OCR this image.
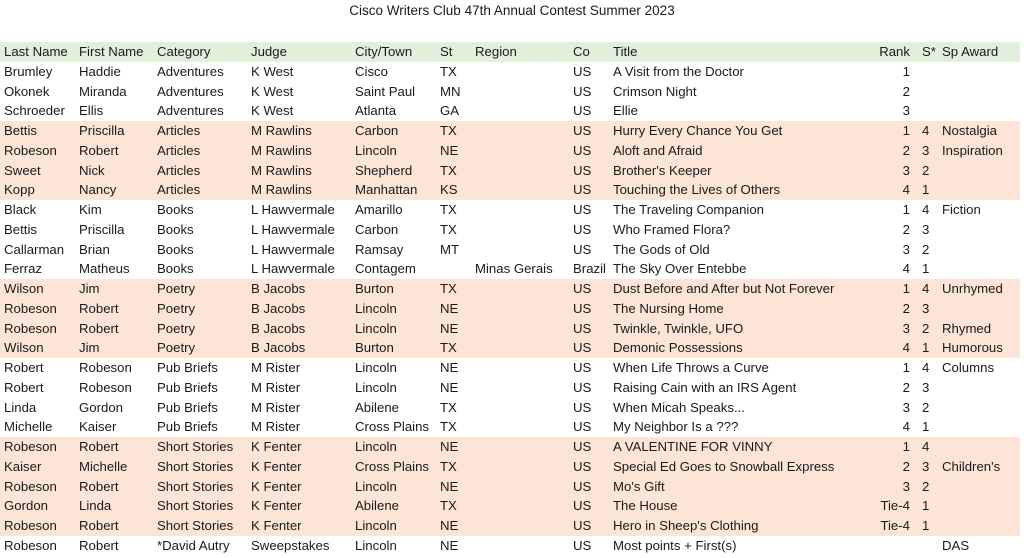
Cisco Writers Club 47th Annual Contest Summer 2023
Last Name	First Name	Category	Judge	City/Town	St	Region	Co	Title	Rank	S*	Sp Award
Brumley	Haddie	Adventures	K West	Cisco	TX		US	A Visit from the Doctor	1		
Okonek	Miranda	Adventures	K West	Saint Paul	MN		US	Crimson Night	2		
Schroeder	Ellis	Adventures	K West	Atlanta	GA		US	Ellie	3		
Bettis	Priscilla	Articles	M Rawlins	Carbon	TX		US	Hurry Every Chance You Get	1	4	Nostalgia
Robeson	Robert	Articles	M Rawlins	Lincoln	NE		US	Aloft and Afraid	2	3	Inspiration
Sweet	Nick	Articles	M Rawlins	Shepherd	TX		US	Brother's Keeper	3	2	
Kopp	Nancy	Articles	M Rawlins	Manhattan	KS		US	Touching the Lives of Others	4	1	
Black	Kim	Books	L Hawvermale	Amarillo	TX		US	The Traveling Companion	1	4	Fiction
Bettis	Priscilla	Books	L Hawvermale	Carbon	TX		US	Who Framed Flora?	2	3	
Callarman	Brian	Books	L Hawvermale	Ramsay	MT		US	The Gods of Old	3	2	
Ferraz	Matheus	Books	L Hawvermale	Contagem		Minas Gerais	Brazil	The Sky Over Entebbe	4	1	
Wilson	Jim	Poetry	B Jacobs	Burton	TX		US	Dust Before and After but Not Forever	1	4	Unrhymed
Robeson	Robert	Poetry	B Jacobs	Lincoln	NE		US	The Nursing Home	2	3	
Robeson	Robert	Poetry	B Jacobs	Lincoln	NE		US	Twinkle, Twinkle, UFO	3	2	Rhymed
Wilson	Jim	Poetry	B Jacobs	Burton	TX		US	Demonic Possessions	4	1	Humorous
Robert	Robeson	Pub Briefs	M Rister	Lincoln	NE		US	When Life Throws a Curve	1	4	Columns
Robert	Robeson	Pub Briefs	M Rister	Lincoln	NE		US	Raising Cain with an IRS Agent	2	3	
Linda	Gordon	Pub Briefs	M Rister	Abilene	TX		US	When Micah Speaks...	3	2	
Michelle	Kaiser	Pub Briefs	M Rister	Cross Plains	TX		US	My Neighbor Is a ???	4	1	
Robeson	Robert	Short Stories	K Fenter	Lincoln	NE		US	A VALENTINE FOR VINNY	1	4	
Kaiser	Michelle	Short Stories	K Fenter	Cross Plains	TX		US	Special Ed Goes to Snowball Express	2	3	Children's
Robeson	Robert	Short Stories	K Fenter	Lincoln	NE		US	Mo's Gift	3	2	
Gordon	Linda	Short Stories	K Fenter	Abilene	TX		US	The House	Tie-4	1	
Robeson	Robert	Short Stories	K Fenter	Lincoln	NE		US	Hero in Sheep's Clothing	Tie-4	1	
Robeson	Robert	*David Autry	Sweepstakes	Lincoln	NE		US	Most points + First(s)			DAS
